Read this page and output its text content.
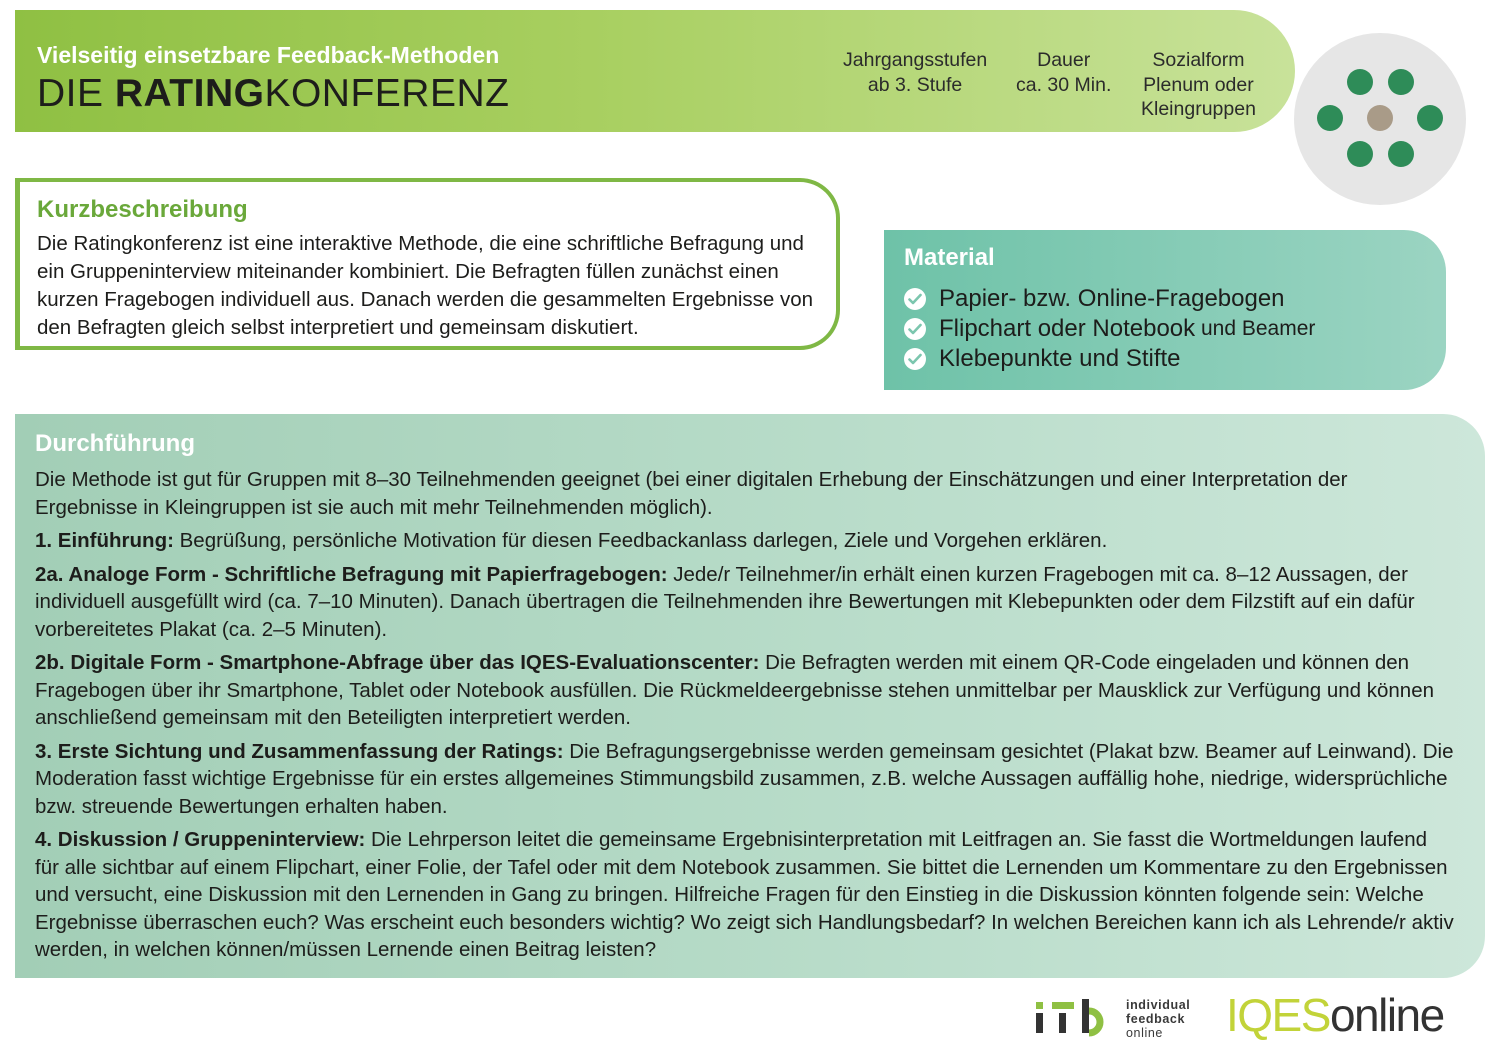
Vielseitig einsetzbare Feedback-Methoden
DIE RATINGKONFERENZ
Jahrgangsstufen
ab 3. Stufe
Dauer
ca. 30 Min.
Sozialform
Plenum oder
Kleingruppen
Kurzbeschreibung

Die Ratingkonferenz ist eine interaktive Methode, die eine schriftliche Befragung und ein Gruppeninterview miteinander kombiniert. Die Befragten füllen zunächst einen kurzen Fragebogen individuell aus. Danach werden die gesammelten Ergebnisse von den Befragten gleich selbst interpretiert und gemeinsam diskutiert.

Material
Papier- bzw. Online-Fragebogen
Flipchart oder Notebook und Beamer
Klebepunkte und Stifte
Durchführung

Die Methode ist gut für Gruppen mit 8–30 Teilnehmenden geeignet (bei einer digitalen Erhebung der Einschätzungen und einer Interpretation der Ergebnisse in Kleingruppen ist sie auch mit mehr Teilnehmenden möglich).

1. Einführung: Begrüßung, persönliche Motivation für diesen Feedbackanlass darlegen, Ziele und Vorgehen erklären.

2a. Analoge Form - Schriftliche Befragung mit Papierfragebogen: Jede/r Teilnehmer/in erhält einen kurzen Fragebogen mit ca. 8–12 Aussagen, der individuell ausgefüllt wird (ca. 7–10 Minuten). Danach übertragen die Teilnehmenden ihre Bewertungen mit Klebepunkten oder dem Filzstift auf ein dafür vorbereitetes Plakat (ca. 2–5 Minuten).

2b. Digitale Form - Smartphone-Abfrage über das IQES-Evaluationscenter: Die Befragten werden mit einem QR-Code eingeladen und können den Fragebogen über ihr Smartphone, Tablet oder Notebook ausfüllen. Die Rückmeldeergebnisse stehen unmittelbar per Mausklick zur Verfügung und können anschließend gemeinsam mit den Beteiligten interpretiert werden.

3. Erste Sichtung und Zusammenfassung der Ratings: Die Befragungsergebnisse werden gemeinsam gesichtet (Plakat bzw. Beamer auf Leinwand). Die Moderation fasst wichtige Ergebnisse für ein erstes allgemeines Stimmungsbild zusammen, z.B. welche Aussagen auffällig hohe, niedrige, widersprüchliche bzw. streuende Bewertungen erhalten haben.

4. Diskussion / Gruppeninterview: Die Lehrperson leitet die gemeinsame Ergebnisinterpretation mit Leitfragen an. Sie fasst die Wortmeldungen laufend für alle sichtbar auf einem Flipchart, einer Folie, der Tafel oder mit dem Notebook zusammen. Sie bittet die Lernenden um Kommentare zu den Ergebnissen und versucht, eine Diskussion mit den Lernenden in Gang zu bringen. Hilfreiche Fragen für den Einstieg in die Diskussion könnten folgende sein: Welche Ergebnisse überraschen euch? Was erscheint euch besonders wichtig? Wo zeigt sich Handlungsbedarf? In welchen Bereichen kann ich als Lehrende/r aktiv werden, in welchen können/müssen Lernende einen Beitrag leisten?

individual
feedback
online	IQESonline
